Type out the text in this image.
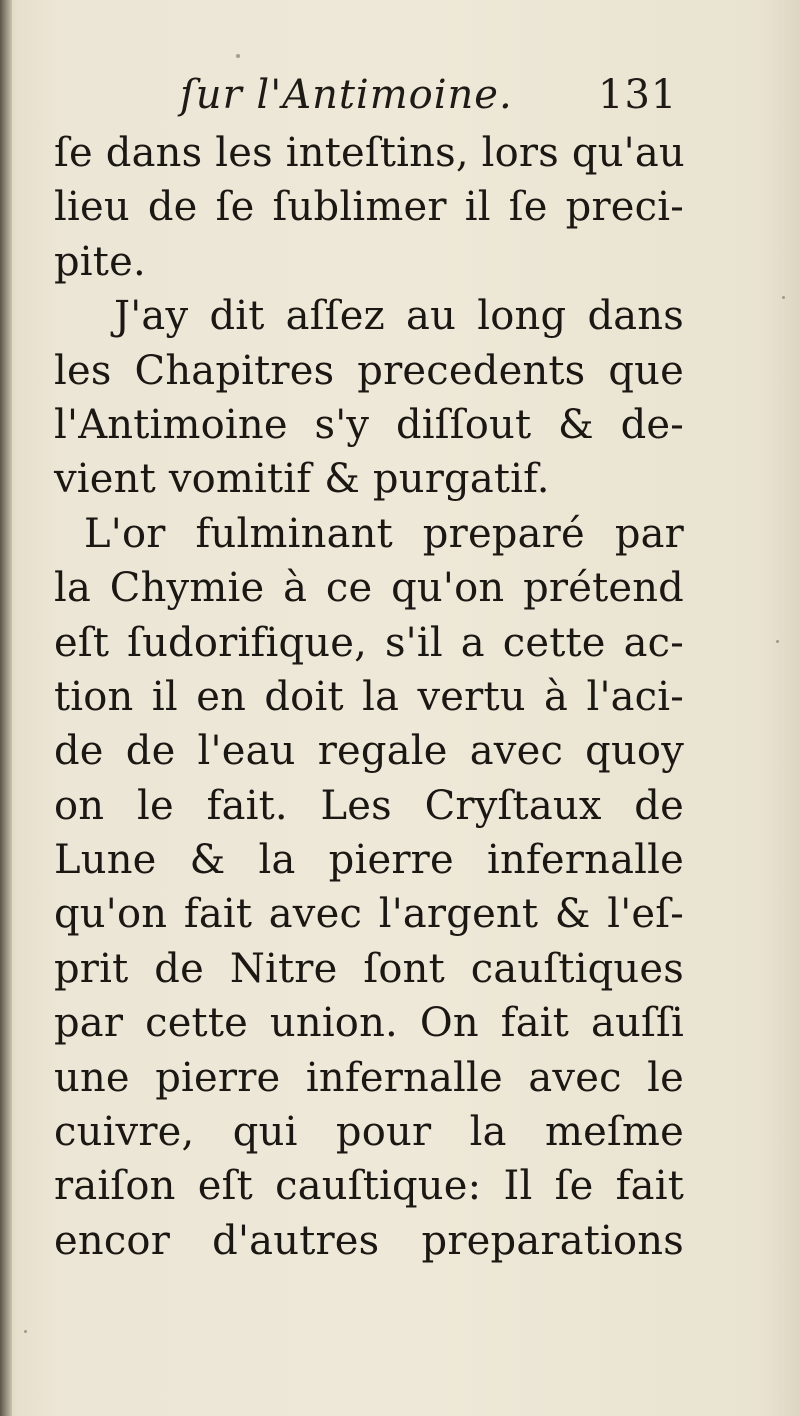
ſur l'Antimoine. 131
ſe dans les inteſtins, lors qu'au
lieu de ſe ſublimer il ſe preci-
pite.
J'ay dit aſſez au long dans
les Chapitres precedents que
l'Antimoine s'y diſſout & de-
vient vomitif & purgatif.
L'or fulminant preparé par
la Chymie à ce qu'on prétend
eſt ſudorifique, s'il a cette ac-
tion il en doit la vertu à l'aci-
de de l'eau regale avec quoy
on le fait. Les Cryſtaux de
Lune & la pierre infernalle
qu'on fait avec l'argent & l'eſ-
prit de Nitre ſont cauſtiques
par cette union. On fait auſſi
une pierre infernalle avec le
cuivre, qui pour la meſme
raiſon eſt cauſtique: Il ſe fait
encor d'autres preparations
